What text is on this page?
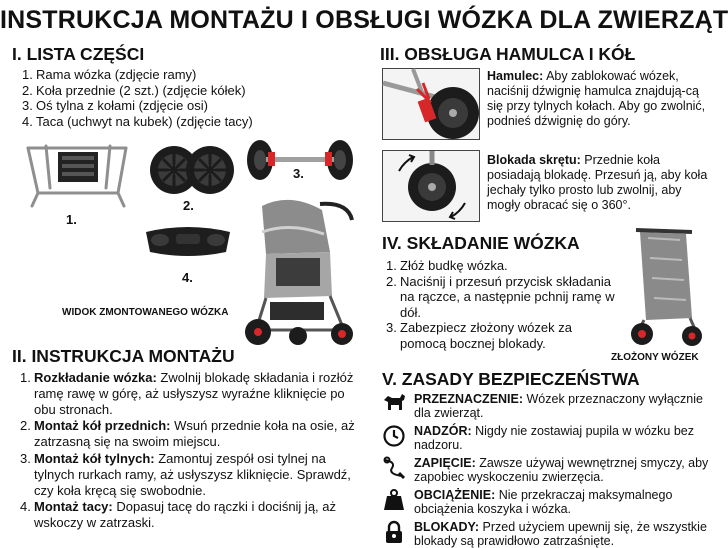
INSTRUKCJA MONTAŻU I OBSŁUGI WÓZKA DLA ZWIERZĄT
I. LISTA CZĘŚCI
1. Rama wózka (zdjęcie ramy)
2. Koła przednie (2 szt.) (zdjęcie kółek)
3. Oś tylna z kołami (zdjęcie osi)
4. Taca (uchwyt na kubek) (zdjęcie tacy)
1.
2.
3.
4.
WIDOK ZMONTOWANEGO WÓZKA
II. INSTRUKCJA MONTAŻU
1. Rozkładanie wózka: Zwolnij blokadę składania i rozłóż ramę rawę w górę, aż usłyszysz wyraźne kliknięcie po obu stronach.
2. Montaż kół przednich: Wsuń przednie koła na osie, aż zatrzasną się na swoim miejscu.
3. Montaż kół tylnych: Zamontuj zespół osi tylnej na tylnych rurkach ramy, aż usłyszysz kliknięcie. Sprawdź, czy koła kręcą się swobodnie.
4. Montaż tacy: Dopasuj tacę do rączki i dociśnij ją, aż wskoczy w zatrzaski.
III. OBSŁUGA HAMULCA I KÓŁ
Hamulec: Aby zablokować wózek, naciśnij dźwignię hamulca znajdują-cą się przy tylnych kołach. Aby go zwolnić, podnieś dźwignię do góry.
Blokada skrętu: Przednie koła posiadają blokadę. Przesuń ją, aby koła jechały tylko prosto lub zwolnij, aby mogły obracać się o 360°.
IV. SKŁADANIE WÓZKA
1. Złóż budkę wózka.
2. Naciśnij i przesuń przycisk składania na rączce, a następnie pchnij ramę w dół.
3. Zabezpiecz złożony wózek za pomocą bocznej blokady.
ZŁOŻONY WÓZEK
V. ZASADY BEZPIECZEŃSTWA
PRZEZNACZENIE: Wózek przeznaczony wyłącznie dla zwierząt.
NADZÓR: Nigdy nie zostawiaj pupila w wózku bez nadzoru.
ZAPIĘCIE: Zawsze używaj wewnętrznej smyczy, aby zapobiec wyskoczeniu zwierzęcia.
OBCIĄŻENIE: Nie przekraczaj maksymalnego obciążenia koszyka i wózka.
BLOKADY: Przed użyciem upewnij się, że wszystkie blokady są prawidłowo zatrzaśnięte.
